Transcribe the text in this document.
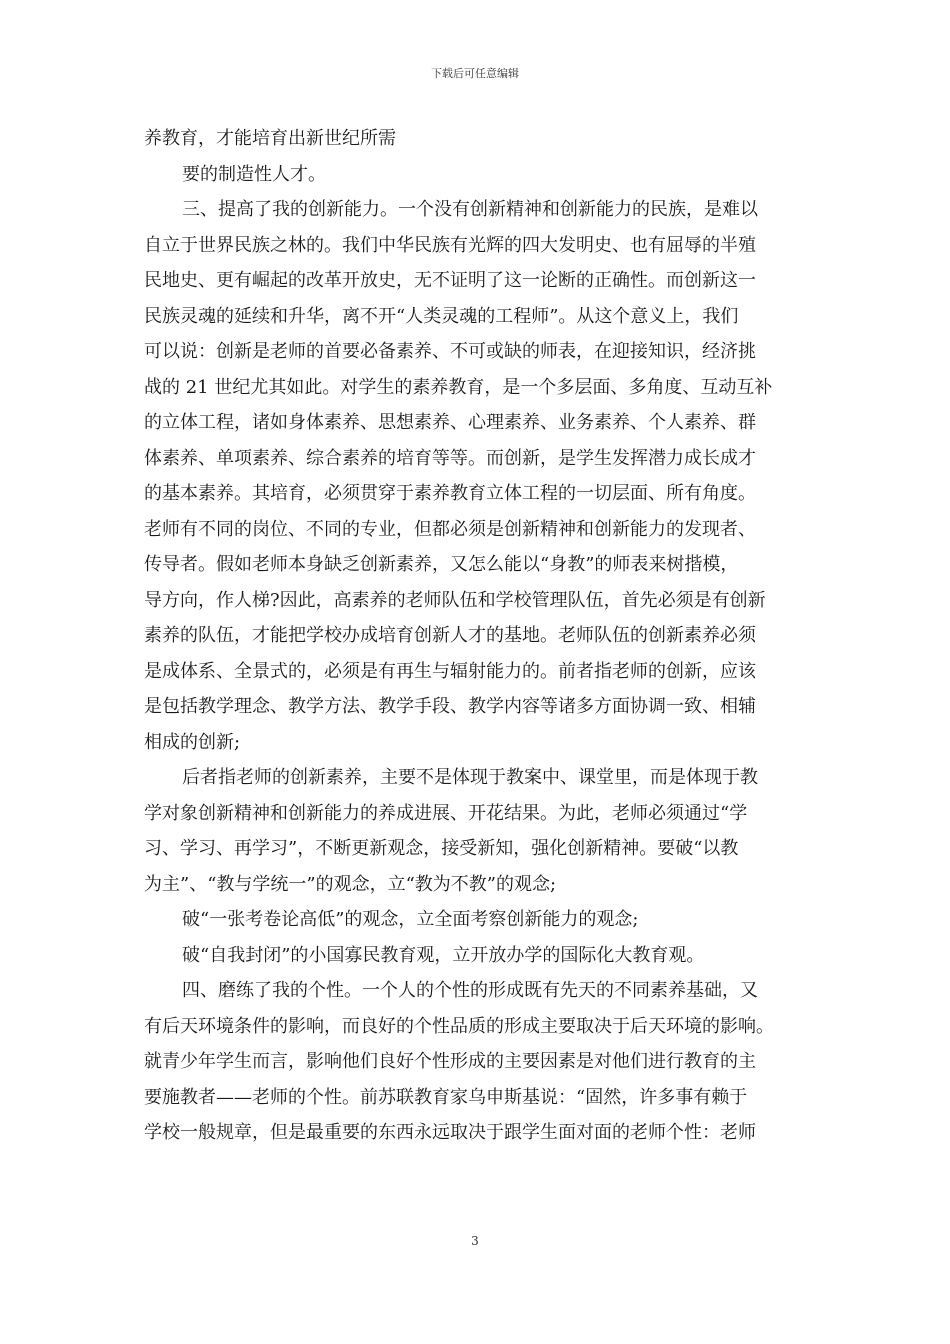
下载后可任意编辑
养教育，才能培育出新世纪所需
要的制造性人才。
三、提高了我的创新能力。一个没有创新精神和创新能力的民族，是难以
自立于世界民族之林的。我们中华民族有光辉的四大发明史、也有屈辱的半殖
民地史、更有崛起的改革开放史，无不证明了这一论断的正确性。而创新这一
民族灵魂的延续和升华，离不开“人类灵魂的工程师”。从这个意义上，我们
可以说：创新是老师的首要必备素养、不可或缺的师表，在迎接知识，经济挑
战的 21 世纪尤其如此。对学生的素养教育，是一个多层面、多角度、互动互补
的立体工程，诸如身体素养、思想素养、心理素养、业务素养、个人素养、群
体素养、单项素养、综合素养的培育等等。而创新，是学生发挥潜力成长成才
的基本素养。其培育，必须贯穿于素养教育立体工程的一切层面、所有角度。
老师有不同的岗位、不同的专业，但都必须是创新精神和创新能力的发现者、
传导者。假如老师本身缺乏创新素养，又怎么能以“身教”的师表来树揩模，
导方向，作人梯?因此，高素养的老师队伍和学校管理队伍，首先必须是有创新
素养的队伍，才能把学校办成培育创新人才的基地。老师队伍的创新素养必须
是成体系、全景式的，必须是有再生与辐射能力的。前者指老师的创新，应该
是包括教学理念、教学方法、教学手段、教学内容等诸多方面协调一致、相辅
相成的创新;
后者指老师的创新素养，主要不是体现于教案中、课堂里，而是体现于教
学对象创新精神和创新能力的养成进展、开花结果。为此，老师必须通过“学
习、学习、再学习”，不断更新观念，接受新知，强化创新精神。要破“以教
为主”、“教与学统一”的观念，立“教为不教”的观念;
破“一张考卷论高低”的观念，立全面考察创新能力的观念;
破“自我封闭”的小国寡民教育观，立开放办学的国际化大教育观。
四、磨练了我的个性。一个人的个性的形成既有先天的不同素养基础，又
有后天环境条件的影响，而良好的个性品质的形成主要取决于后天环境的影响。
就青少年学生而言，影响他们良好个性形成的主要因素是对他们进行教育的主
要施教者——老师的个性。前苏联教育家乌申斯基说：“固然，许多事有赖于
学校一般规章，但是最重要的东西永远取决于跟学生面对面的老师个性：老师
3
